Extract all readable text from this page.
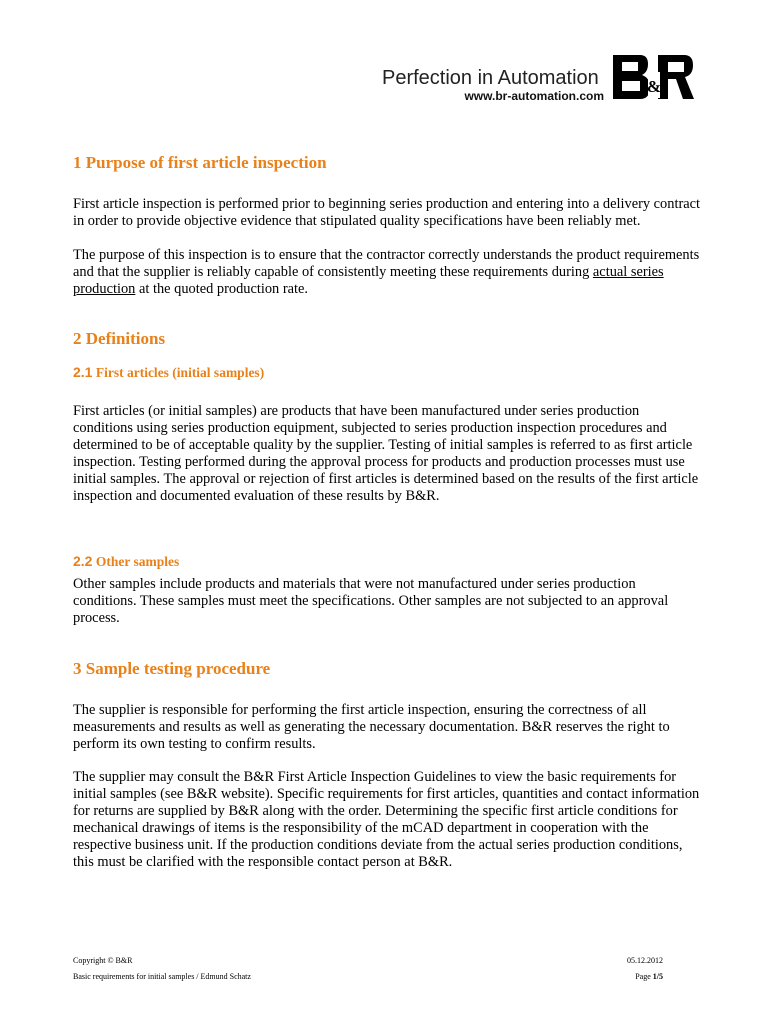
Perfection in Automation
www.br-automation.com	&
1 Purpose of first article inspection

First article inspection is performed prior to beginning series production and entering into a delivery contract in order to provide objective evidence that stipulated quality specifications have been reliably met.

The purpose of this inspection is to ensure that the contractor correctly understands the product requirements and that the supplier is reliably capable of consistently meeting these requirements during actual series production at the quoted production rate.

2 Definitions
2.1 First articles (initial samples)

First articles (or initial samples) are products that have been manufactured under series production conditions using series production equipment, subjected to series production inspection procedures and determined to be of acceptable quality by the supplier. Testing of initial samples is referred to as first article inspection. Testing performed during the approval process for products and production processes must use initial samples. The approval or rejection of first articles is determined based on the results of the first article inspection and documented evaluation of these results by B&R.

2.2 Other samples

Other samples include products and materials that were not manufactured under series production conditions. These samples must meet the specifications. Other samples are not subjected to an approval process.

3 Sample testing procedure

The supplier is responsible for performing the first article inspection, ensuring the correctness of all measurements and results as well as generating the necessary documentation. B&R reserves the right to perform its own testing to confirm results.

The supplier may consult the B&R First Article Inspection Guidelines to view the basic requirements for initial samples (see B&R website). Specific requirements for first articles, quantities and contact information for returns are supplied by B&R along with the order. Determining the specific first article conditions for mechanical drawings of items is the responsibility of the mCAD department in cooperation with the respective business unit. If the production conditions deviate from the actual series production conditions, this must be clarified with the responsible contact person at B&R.

Copyright © B&R
Basic requirements for initial samples / Edmund Schatz
05.12.2012
Page 1/5
